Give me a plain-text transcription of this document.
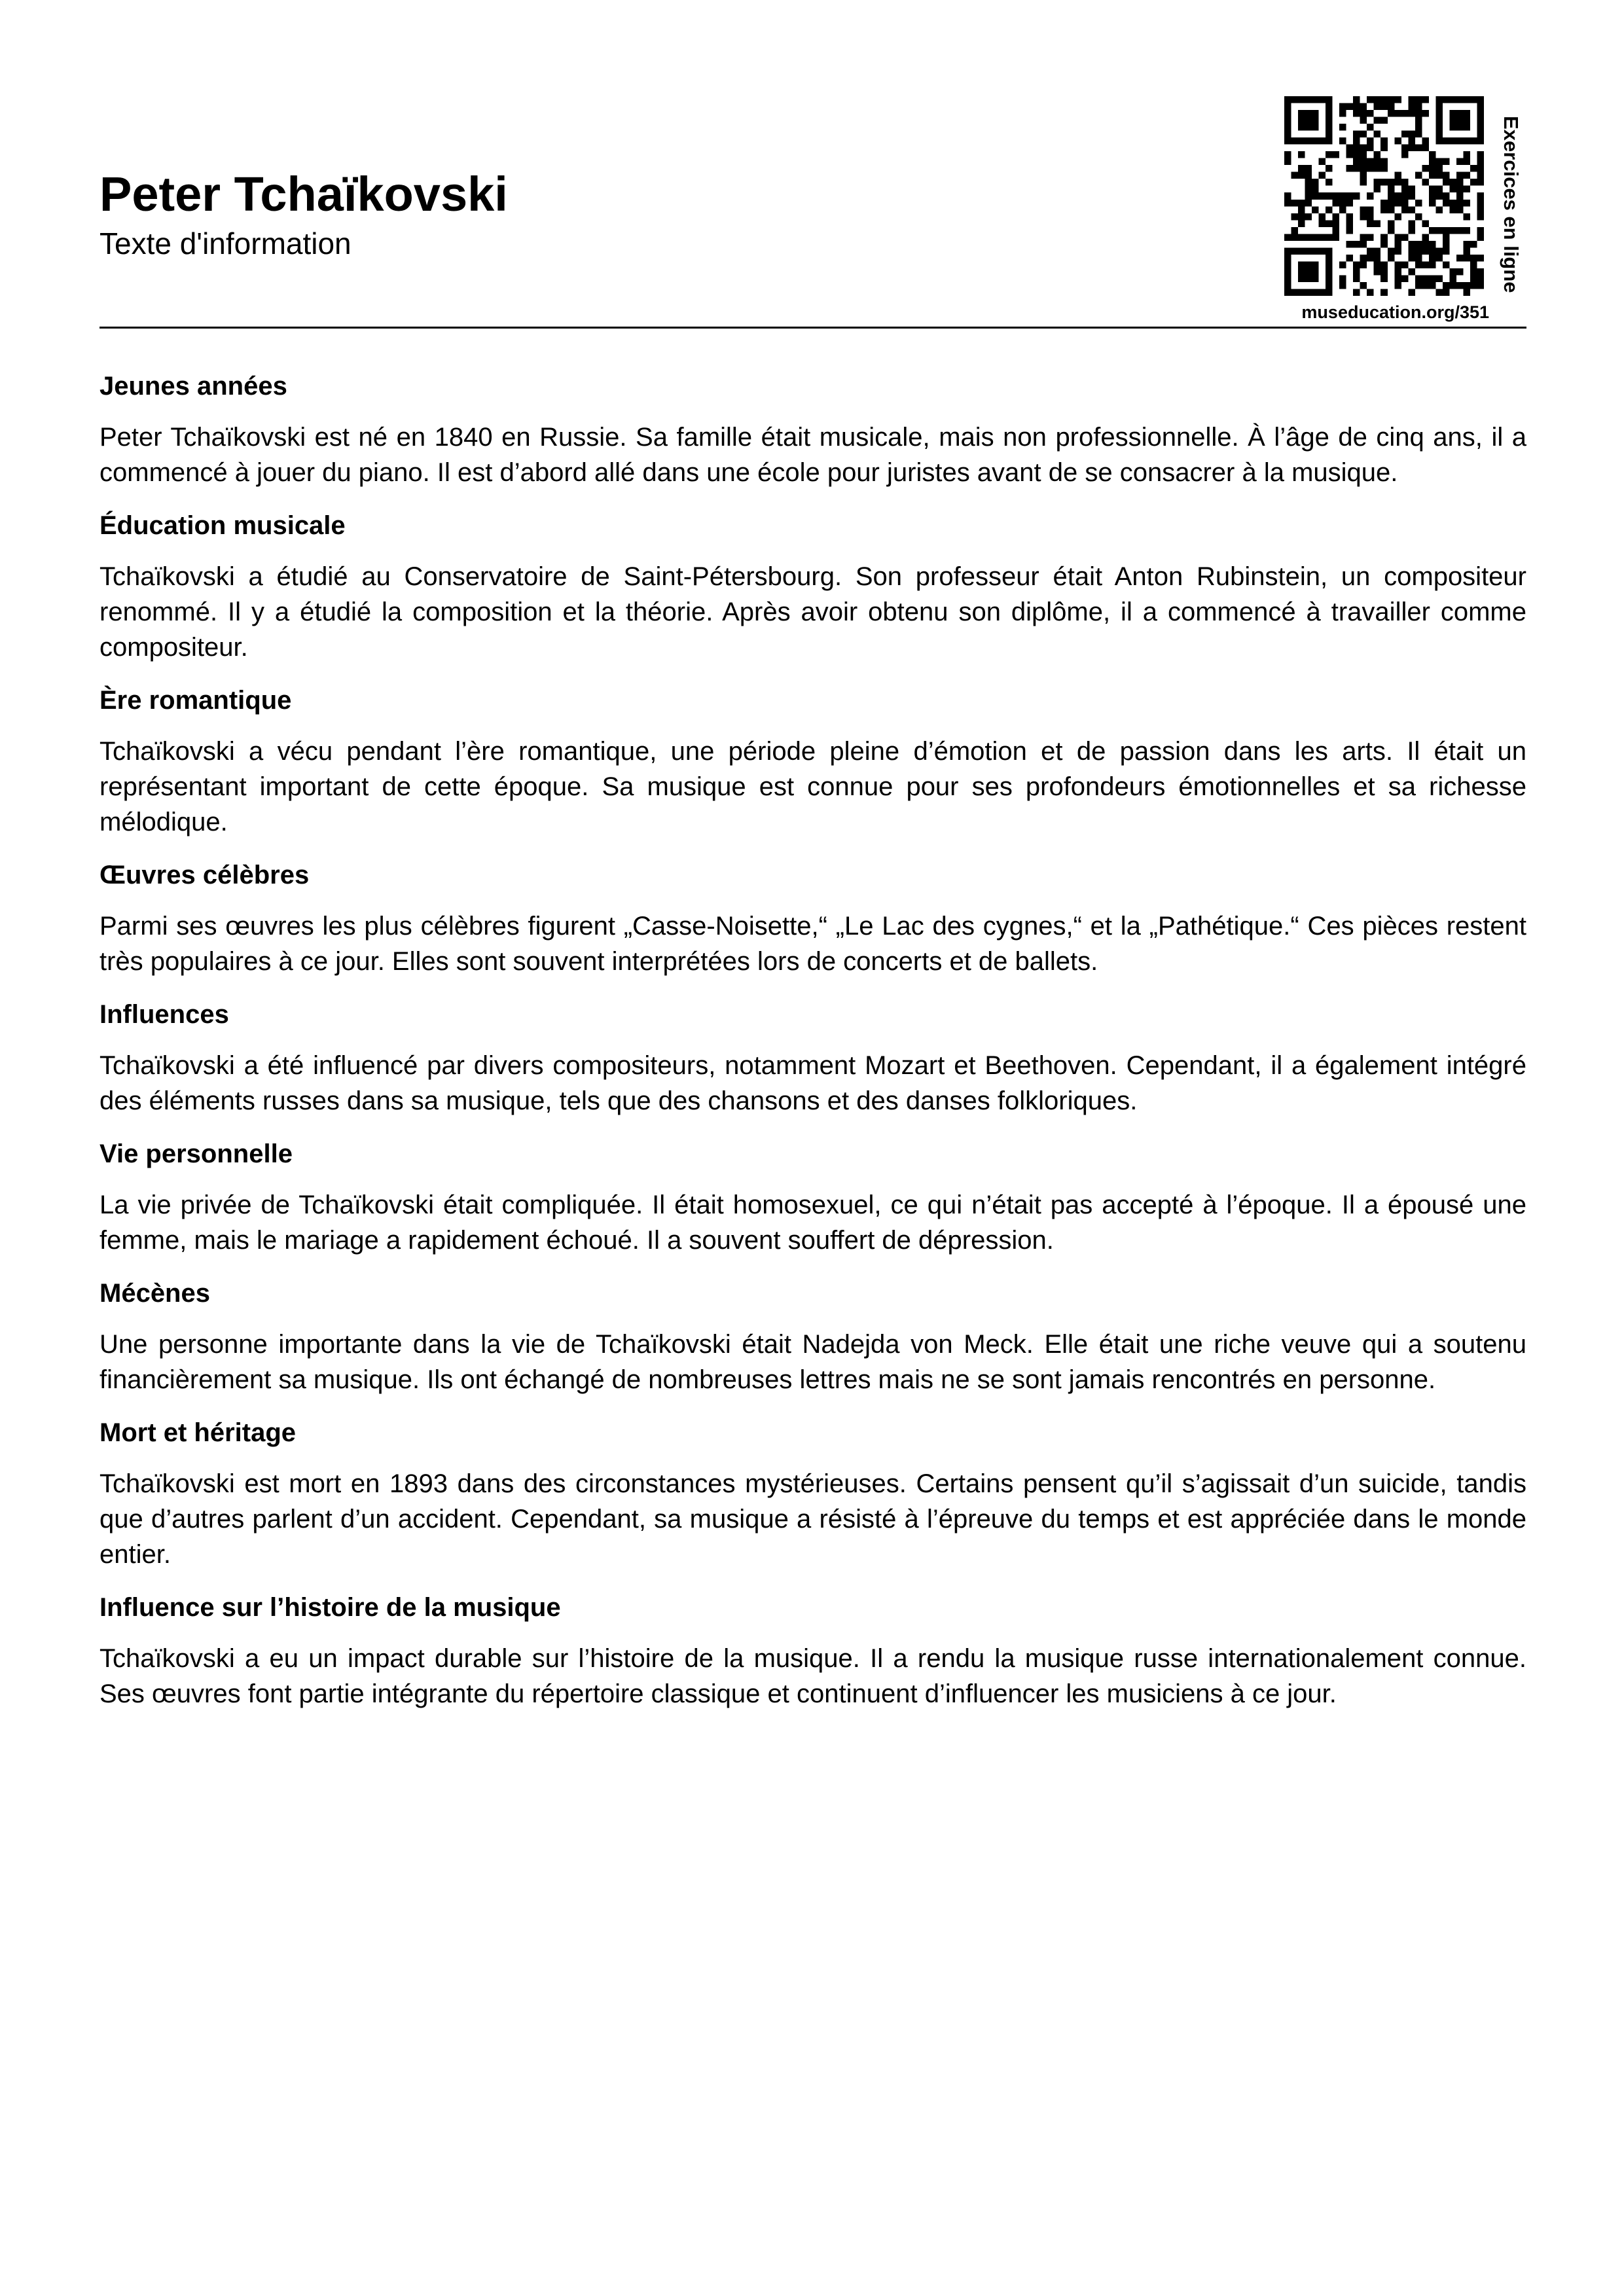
Peter Tchaïkovski

Texte d'information

museducation.org/351
Exercices en ligne
Jeunes années

Peter Tchaïkovski est né en 1840 en Russie. Sa famille était musicale, mais non professionnelle. À l’âge de cinq ans, il a commencé à jouer du piano. Il est d’abord allé dans une école pour juristes avant de se consacrer à la musique.

Éducation musicale

Tchaïkovski a étudié au Conservatoire de Saint-Pétersbourg. Son professeur était Anton Rubinstein, un compositeur renommé. Il y a étudié la composition et la théorie. Après avoir obtenu son diplôme, il a commencé à travailler comme compositeur.

Ère romantique

Tchaïkovski a vécu pendant l’ère romantique, une période pleine d’émotion et de passion dans les arts. Il était un représentant important de cette époque. Sa musique est connue pour ses profondeurs émotionnelles et sa richesse mélodique.

Œuvres célèbres

Parmi ses œuvres les plus célèbres figurent „Casse-Noisette,“ „Le Lac des cygnes,“ et la „Pathétique.“ Ces pièces restent très populaires à ce jour. Elles sont souvent interprétées lors de concerts et de ballets.

Influences

Tchaïkovski a été influencé par divers compositeurs, notamment Mozart et Beethoven. Cependant, il a également intégré des éléments russes dans sa musique, tels que des chansons et des danses folkloriques.

Vie personnelle

La vie privée de Tchaïkovski était compliquée. Il était homosexuel, ce qui n’était pas accepté à l’époque. Il a épousé une femme, mais le mariage a rapidement échoué. Il a souvent souffert de dépression.

Mécènes

Une personne importante dans la vie de Tchaïkovski était Nadejda von Meck. Elle était une riche veuve qui a soutenu financièrement sa musique. Ils ont échangé de nombreuses lettres mais ne se sont jamais rencontrés en personne.

Mort et héritage

Tchaïkovski est mort en 1893 dans des circonstances mystérieuses. Certains pensent qu’il s’agissait d’un suicide, tandis que d’autres parlent d’un accident. Cependant, sa musique a résisté à l’épreuve du temps et est appréciée dans le monde entier.

Influence sur l’histoire de la musique

Tchaïkovski a eu un impact durable sur l’histoire de la musique. Il a rendu la musique russe internationalement connue. Ses œuvres font partie intégrante du répertoire classique et continuent d’influencer les musiciens à ce jour.
